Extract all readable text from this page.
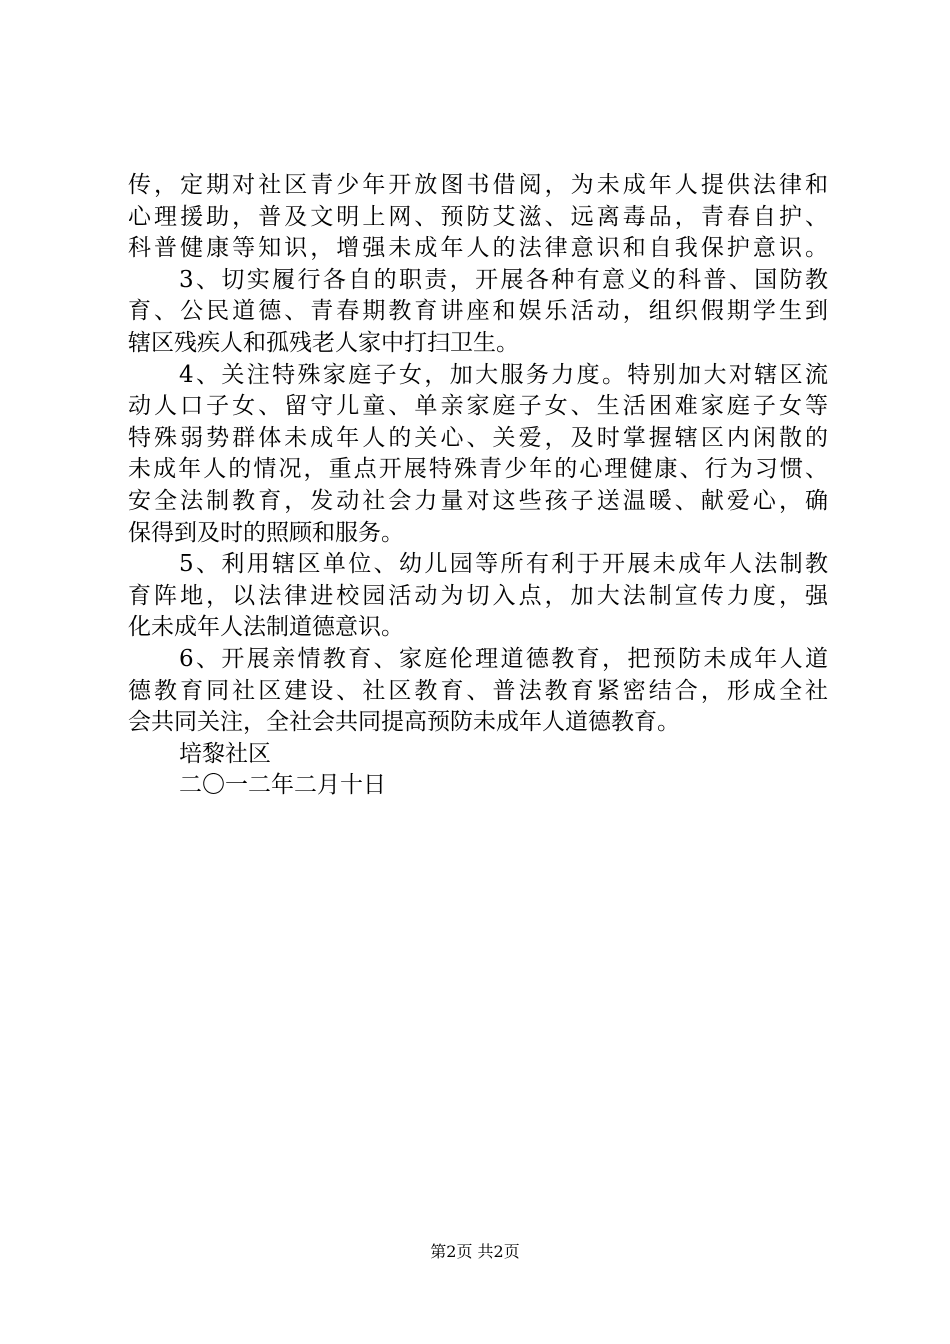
传，定期对社区青少年开放图书借阅，为未成年人提供法律和
心理援助，普及文明上网、预防艾滋、远离毒品，青春自护、
科普健康等知识，增强未成年人的法律意识和自我保护意识。
3、切实履行各自的职责，开展各种有意义的科普、国防教
育、公民道德、青春期教育讲座和娱乐活动，组织假期学生到
辖区残疾人和孤残老人家中打扫卫生。
4、关注特殊家庭子女，加大服务力度。特别加大对辖区流
动人口子女、留守儿童、单亲家庭子女、生活困难家庭子女等
特殊弱势群体未成年人的关心、关爱，及时掌握辖区内闲散的
未成年人的情况，重点开展特殊青少年的心理健康、行为习惯、
安全法制教育，发动社会力量对这些孩子送温暖、献爱心，确
保得到及时的照顾和服务。
5、利用辖区单位、幼儿园等所有利于开展未成年人法制教
育阵地，以法律进校园活动为切入点，加大法制宣传力度，强
化未成年人法制道德意识。
6、开展亲情教育、家庭伦理道德教育，把预防未成年人道
德教育同社区建设、社区教育、普法教育紧密结合，形成全社
会共同关注，全社会共同提高预防未成年人道德教育。
培黎社区
二〇一二年二月十日
第2页 共2页
